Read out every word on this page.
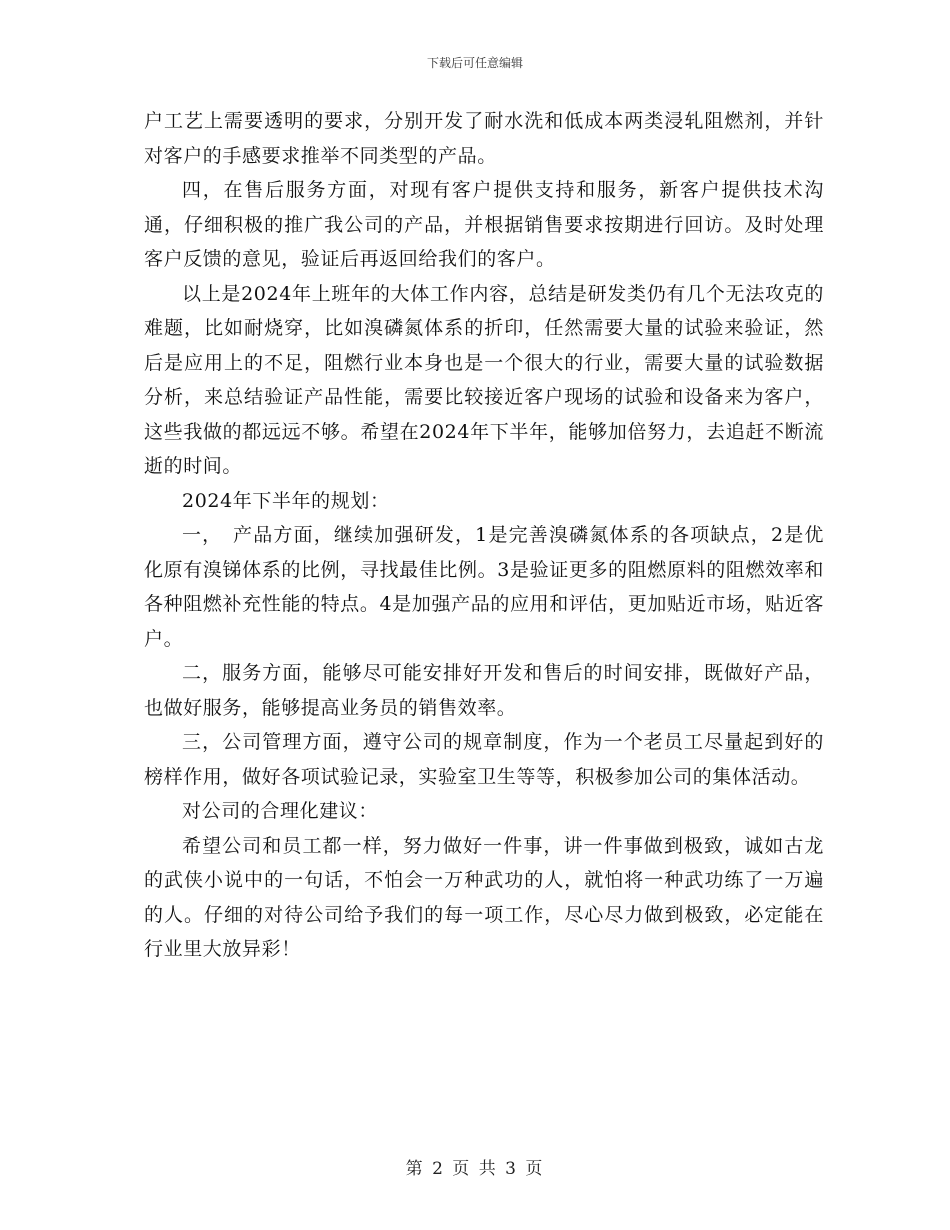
下载后可任意编辑

户工艺上需要透明的要求，分别开发了耐水洗和低成本两类浸轧阻燃剂，并针对客户的手感要求推举不同类型的产品。

四，在售后服务方面，对现有客户提供支持和服务，新客户提供技术沟通，仔细积极的推广我公司的产品，并根据销售要求按期进行回访。及时处理客户反馈的意见，验证后再返回给我们的客户。

以上是2024年上班年的大体工作内容，总结是研发类仍有几个无法攻克的难题，比如耐烧穿，比如溴磷氮体系的折印，任然需要大量的试验来验证，然后是应用上的不足，阻燃行业本身也是一个很大的行业，需要大量的试验数据分析，来总结验证产品性能，需要比较接近客户现场的试验和设备来为客户，这些我做的都远远不够。希望在2024年下半年，能够加倍努力，去追赶不断流逝的时间。

2024年下半年的规划：

一，　产品方面，继续加强研发，1是完善溴磷氮体系的各项缺点，2是优化原有溴锑体系的比例，寻找最佳比例。3是验证更多的阻燃原料的阻燃效率和各种阻燃补充性能的特点。4是加强产品的应用和评估，更加贴近市场，贴近客户。

二，服务方面，能够尽可能安排好开发和售后的时间安排，既做好产品，也做好服务，能够提高业务员的销售效率。

三，公司管理方面，遵守公司的规章制度，作为一个老员工尽量起到好的榜样作用，做好各项试验记录，实验室卫生等等，积极参加公司的集体活动。

对公司的合理化建议：

希望公司和员工都一样，努力做好一件事，讲一件事做到极致，诚如古龙的武侠小说中的一句话，不怕会一万种武功的人，就怕将一种武功练了一万遍的人。仔细的对待公司给予我们的每一项工作，尽心尽力做到极致，必定能在行业里大放异彩！

第 2 页 共 3 页
